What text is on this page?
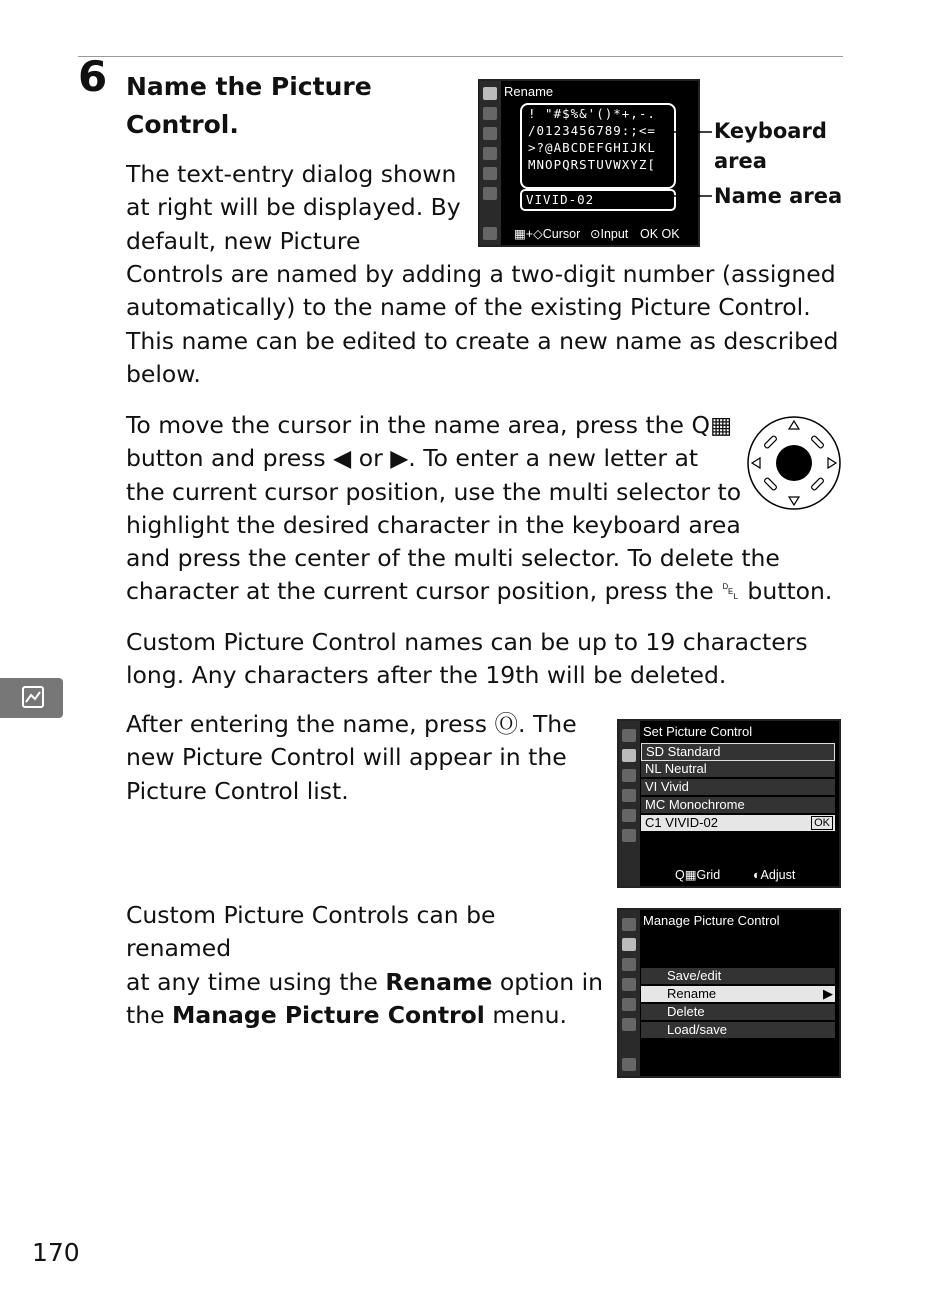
6 Name the Picture
Control.

The text-entry dialog shown

at right will be displayed. By

default, new Picture

Controls are named by adding a two-digit number (assigned

automatically) to the name of the existing Picture Control.

This name can be edited to create a new name as described

below.

Rename
! "#$%&'()*+,-.
/0123456789:;<=
>?@ABCDEFGHIJKL
MNOPQRSTUVWXYZ[
VIVID-02
▦+◇Cursor ⊙Input OK OK
Keyboard
area
Name area

To move the cursor in the name area, press the Q▦

button and press ◀ or ▶. To enter a new letter at

the current cursor position, use the multi selector to

highlight the desired character in the keyboard area

and press the center of the multi selector. To delete the

character at the current cursor position, press the ␡ button.

Custom Picture Control names can be up to 19 characters

long. Any characters after the 19th will be deleted.

After entering the name, press Ⓞ. The

new Picture Control will appear in the

Picture Control list.

Set Picture Control
SD Standard
NL Neutral
VI Vivid
MC Monochrome
C1 VIVID-02	OK
Q▦Grid	◐Adjust

Custom Picture Controls can be renamed

at any time using the Rename option in

the Manage Picture Control menu.

Manage Picture Control
Save/edit
Rename	▶
Delete
Load/save
170
